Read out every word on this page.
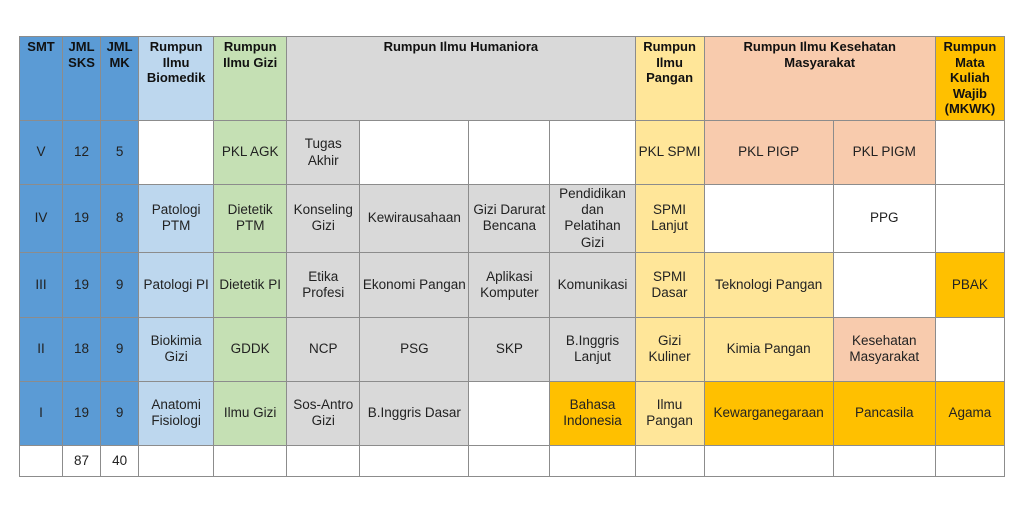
SMT	JML SKS	JML MK	Rumpun Ilmu Biomedik	Rumpun Ilmu Gizi	Rumpun Ilmu Humaniora				Rumpun Ilmu Pangan	Rumpun Ilmu Kesehatan Masyarakat		Rumpun Mata Kuliah Wajib (MKWK)
V	12	5		PKL AGK	Tugas Akhir				PKL SPMI	PKL PIGP	PKL PIGM	
IV	19	8	Patologi PTM	Dietetik PTM	Konseling Gizi	Kewirausahaan	Gizi Darurat Bencana	Pendidikan dan Pelatihan Gizi	SPMI Lanjut		PPG	
III	19	9	Patologi PI	Dietetik PI	Etika Profesi	Ekonomi Pangan	Aplikasi Komputer	Komunikasi	SPMI Dasar	Teknologi Pangan		PBAK
II	18	9	Biokimia Gizi	GDDK	NCP	PSG	SKP	B.Inggris Lanjut	Gizi Kuliner	Kimia Pangan	Kesehatan Masyarakat	
I	19	9	Anatomi Fisiologi	Ilmu Gizi	Sos-Antro Gizi	B.Inggris Dasar		Bahasa Indonesia	Ilmu Pangan	Kewarganegaraan	Pancasila	Agama
	87	40										
